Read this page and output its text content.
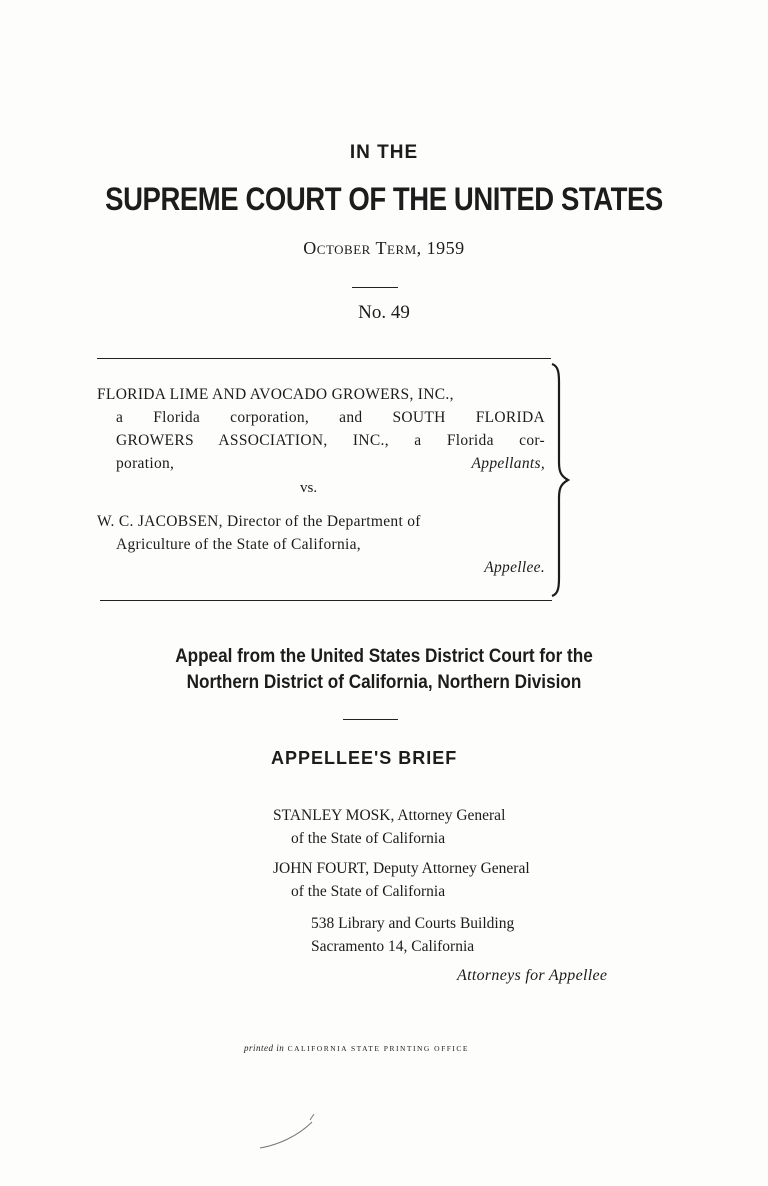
IN THE
SUPREME COURT OF THE UNITED STATES
October Term, 1959
No. 49
FLORIDA LIME AND AVOCADO GROWERS, INC.,
a Florida corporation, and SOUTH FLORIDA
GROWERS ASSOCIATION, INC., a Florida cor-
poration,	Appellants,
vs.
W. C. JACOBSEN, Director of the Department of
Agriculture of the State of California,
Appellee.
Appeal from the United States District Court for the
Northern District of California, Northern Division
APPELLEE'S BRIEF
STANLEY MOSK, Attorney General
of the State of California
JOHN FOURT, Deputy Attorney General
of the State of California
538 Library and Courts Building
Sacramento 14, California
Attorneys for Appellee
printed in CALIFORNIA STATE PRINTING OFFICE
